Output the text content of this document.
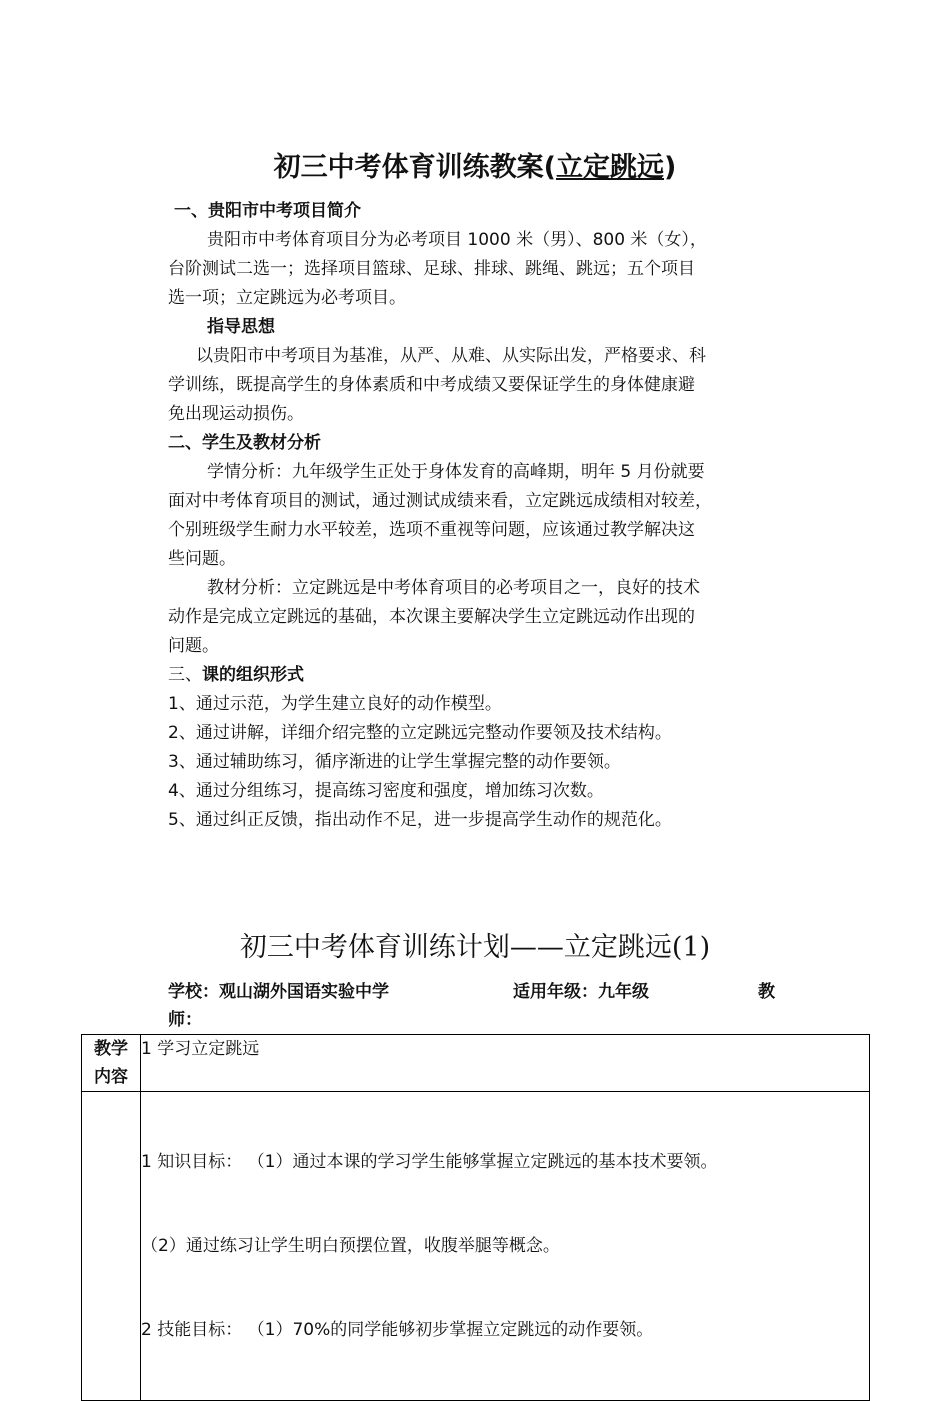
初三中考体育训练教案(立定跳远)
一、贵阳市中考项目简介
贵阳市中考体育项目分为必考项目 1000 米（男）、800 米（女），
台阶测试二选一；选择项目篮球、足球、排球、跳绳、跳远；五个项目
选一项；立定跳远为必考项目。
指导思想
以贵阳市中考项目为基准，从严、从难、从实际出发，严格要求、科
学训练，既提高学生的身体素质和中考成绩又要保证学生的身体健康避
免出现运动损伤。
二、学生及教材分析
学情分析：九年级学生正处于身体发育的高峰期，明年 5 月份就要
面对中考体育项目的测试，通过测试成绩来看，立定跳远成绩相对较差，
个别班级学生耐力水平较差，选项不重视等问题，应该通过教学解决这
些问题。
教材分析：立定跳远是中考体育项目的必考项目之一，良好的技术
动作是完成立定跳远的基础，本次课主要解决学生立定跳远动作出现的
问题。
三、课的组织形式
1、通过示范，为学生建立良好的动作模型。
2、通过讲解，详细介绍完整的立定跳远完整动作要领及技术结构。
3、通过辅助练习，循序渐进的让学生掌握完整的动作要领。
4、通过分组练习，提高练习密度和强度，增加练习次数。
5、通过纠正反馈，指出动作不足，进一步提高学生动作的规范化。
初三中考体育训练计划——立定跳远(1)
学校：观山湖外国语实验中学	适用年级：九年级	教
师：
教学
内容	1 学习立定跳远

	1 知识目标： （1）通过本课的学习学生能够掌握立定跳远的基本技术要领。

（2）通过练习让学生明白预摆位置，收腹举腿等概念。

2 技能目标： （1）70%的同学能够初步掌握立定跳远的动作要领。
